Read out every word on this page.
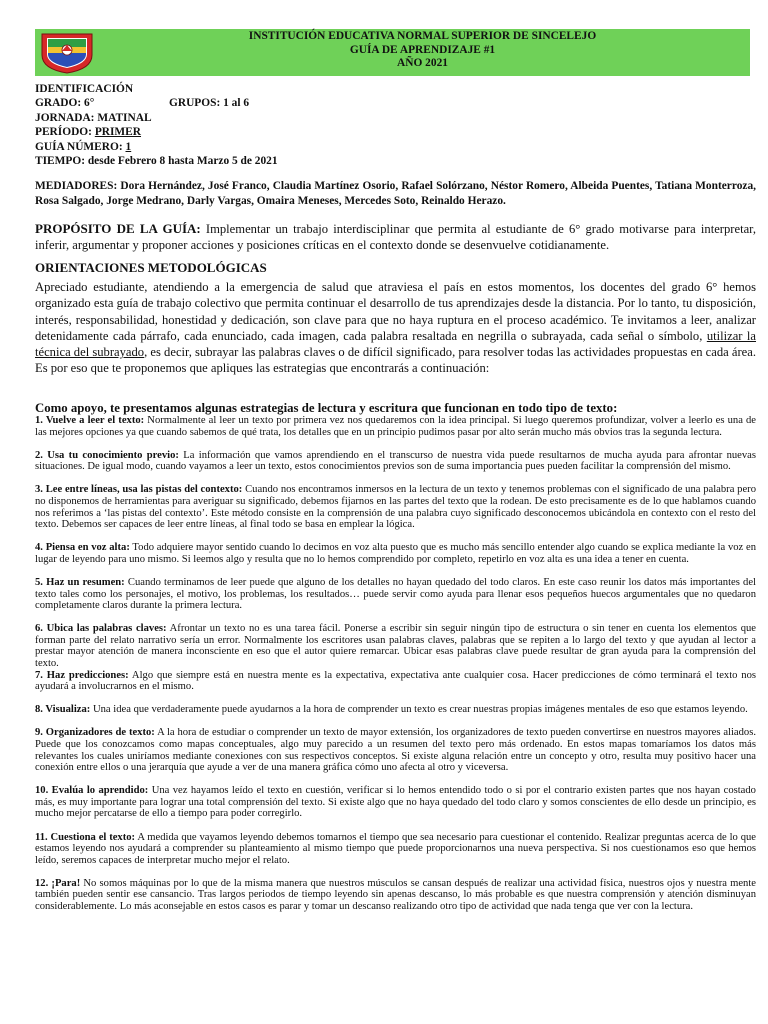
INSTITUCIÓN EDUCATIVA NORMAL SUPERIOR DE SINCELEJO
GUÍA DE APRENDIZAJE #1
AÑO 2021
IDENTIFICACIÓN
GRADO: 6°	GRUPOS: 1 al 6
JORNADA: MATINAL
PERÍODO: PRIMER
GUÍA NÚMERO: 1
TIEMPO: desde Febrero 8 hasta Marzo 5 de 2021
MEDIADORES: Dora Hernández, José Franco, Claudia Martínez Osorio, Rafael Solórzano, Néstor Romero, Albeida Puentes, Tatiana Monterroza, Rosa Salgado, Jorge Medrano, Darly Vargas, Omaira Meneses, Mercedes Soto, Reinaldo Herazo.
PROPÓSITO DE LA GUÍA: Implementar un trabajo interdisciplinar que permita al estudiante de 6° grado motivarse para interpretar, inferir, argumentar y proponer acciones y posiciones críticas en el contexto donde se desenvuelve cotidianamente.
ORIENTACIONES METODOLÓGICAS
Apreciado estudiante, atendiendo a la emergencia de salud que atraviesa el país en estos momentos, los docentes del grado 6° hemos organizado esta guía de trabajo colectivo que permita continuar el desarrollo de tus aprendizajes desde la distancia. Por lo tanto, tu disposición, interés, responsabilidad, honestidad y dedicación, son clave para que no haya ruptura en el proceso académico. Te invitamos a leer, analizar detenidamente cada párrafo, cada enunciado, cada imagen, cada palabra resaltada en negrilla o subrayada, cada señal o símbolo, utilizar la técnica del subrayado, es decir, subrayar las palabras claves o de difícil significado, para resolver todas las actividades propuestas en cada área. Es por eso que te proponemos que apliques las estrategias que encontrarás a continuación:
Como apoyo, te presentamos algunas estrategias de lectura y escritura que funcionan en todo tipo de texto:

1. Vuelve a leer el texto: Normalmente al leer un texto por primera vez nos quedaremos con la idea principal. Si luego queremos profundizar, volver a leerlo es una de las mejores opciones ya que cuando sabemos de qué trata, los detalles que en un principio pudimos pasar por alto serán mucho más obvios tras la segunda lectura.

2. Usa tu conocimiento previo: La información que vamos aprendiendo en el transcurso de nuestra vida puede resultarnos de mucha ayuda para afrontar nuevas situaciones. De igual modo, cuando vayamos a leer un texto, estos conocimientos previos son de suma importancia pues pueden facilitar la comprensión del mismo.

3. Lee entre líneas, usa las pistas del contexto: Cuando nos encontramos inmersos en la lectura de un texto y tenemos problemas con el significado de una palabra pero no disponemos de herramientas para averiguar su significado, debemos fijarnos en las partes del texto que la rodean. De esto precisamente es de lo que hablamos cuando nos referimos a ‘las pistas del contexto’. Este método consiste en la comprensión de una palabra cuyo significado desconocemos ubicándola en contexto con el resto del texto. Debemos ser capaces de leer entre líneas, al final todo se basa en emplear la lógica.

4. Piensa en voz alta: Todo adquiere mayor sentido cuando lo decimos en voz alta puesto que es mucho más sencillo entender algo cuando se explica mediante la voz en lugar de leyendo para uno mismo. Si leemos algo y resulta que no lo hemos comprendido por completo, repetirlo en voz alta es una idea a tener en cuenta.

5. Haz un resumen: Cuando terminamos de leer puede que alguno de los detalles no hayan quedado del todo claros. En este caso reunir los datos más importantes del texto tales como los personajes, el motivo, los problemas, los resultados… puede servir como ayuda para llenar esos pequeños huecos argumentales que no quedaron completamente claros durante la primera lectura.

6. Ubica las palabras claves: Afrontar un texto no es una tarea fácil. Ponerse a escribir sin seguir ningún tipo de estructura o sin tener en cuenta los elementos que forman parte del relato narrativo sería un error. Normalmente los escritores usan palabras claves, palabras que se repiten a lo largo del texto y que ayudan al lector a prestar mayor atención de manera inconsciente en eso que el autor quiere remarcar. Ubicar esas palabras clave puede resultar de gran ayuda para la comprensión del texto.

7. Haz predicciones: Algo que siempre está en nuestra mente es la expectativa, expectativa ante cualquier cosa. Hacer predicciones de cómo terminará el texto nos ayudará a involucrarnos en el mismo.

8. Visualiza: Una idea que verdaderamente puede ayudarnos a la hora de comprender un texto es crear nuestras propias imágenes mentales de eso que estamos leyendo.

9. Organizadores de texto: A la hora de estudiar o comprender un texto de mayor extensión, los organizadores de texto pueden convertirse en nuestros mayores aliados. Puede que los conozcamos como mapas conceptuales, algo muy parecido a un resumen del texto pero más ordenado. En estos mapas tomaríamos los datos más relevantes los cuales uniríamos mediante conexiones con sus respectivos conceptos. Si existe alguna relación entre un concepto y otro, resulta muy positivo hacer una conexión entre ellos o una jerarquía que ayude a ver de una manera gráfica cómo uno afecta al otro y viceversa.

10. Evalúa lo aprendido: Una vez hayamos leído el texto en cuestión, verificar si lo hemos entendido todo o si por el contrario existen partes que nos hayan costado más, es muy importante para lograr una total comprensión del texto. Si existe algo que no haya quedado del todo claro y somos conscientes de ello desde un principio, es mucho mejor percatarse de ello a tiempo para poder corregirlo.

11. Cuestiona el texto: A medida que vayamos leyendo debemos tomarnos el tiempo que sea necesario para cuestionar el contenido. Realizar preguntas acerca de lo que estamos leyendo nos ayudará a comprender su planteamiento al mismo tiempo que puede proporcionarnos una nueva perspectiva. Si nos cuestionamos eso que hemos leído, seremos capaces de interpretar mucho mejor el relato.

12. ¡Para! No somos máquinas por lo que de la misma manera que nuestros músculos se cansan después de realizar una actividad física, nuestros ojos y nuestra mente también pueden sentir ese cansancio. Tras largos periodos de tiempo leyendo sin apenas descanso, lo más probable es que nuestra comprensión y atención disminuyan considerablemente. Lo más aconsejable en estos casos es parar y tomar un descanso realizando otro tipo de actividad que nada tenga que ver con la lectura.
